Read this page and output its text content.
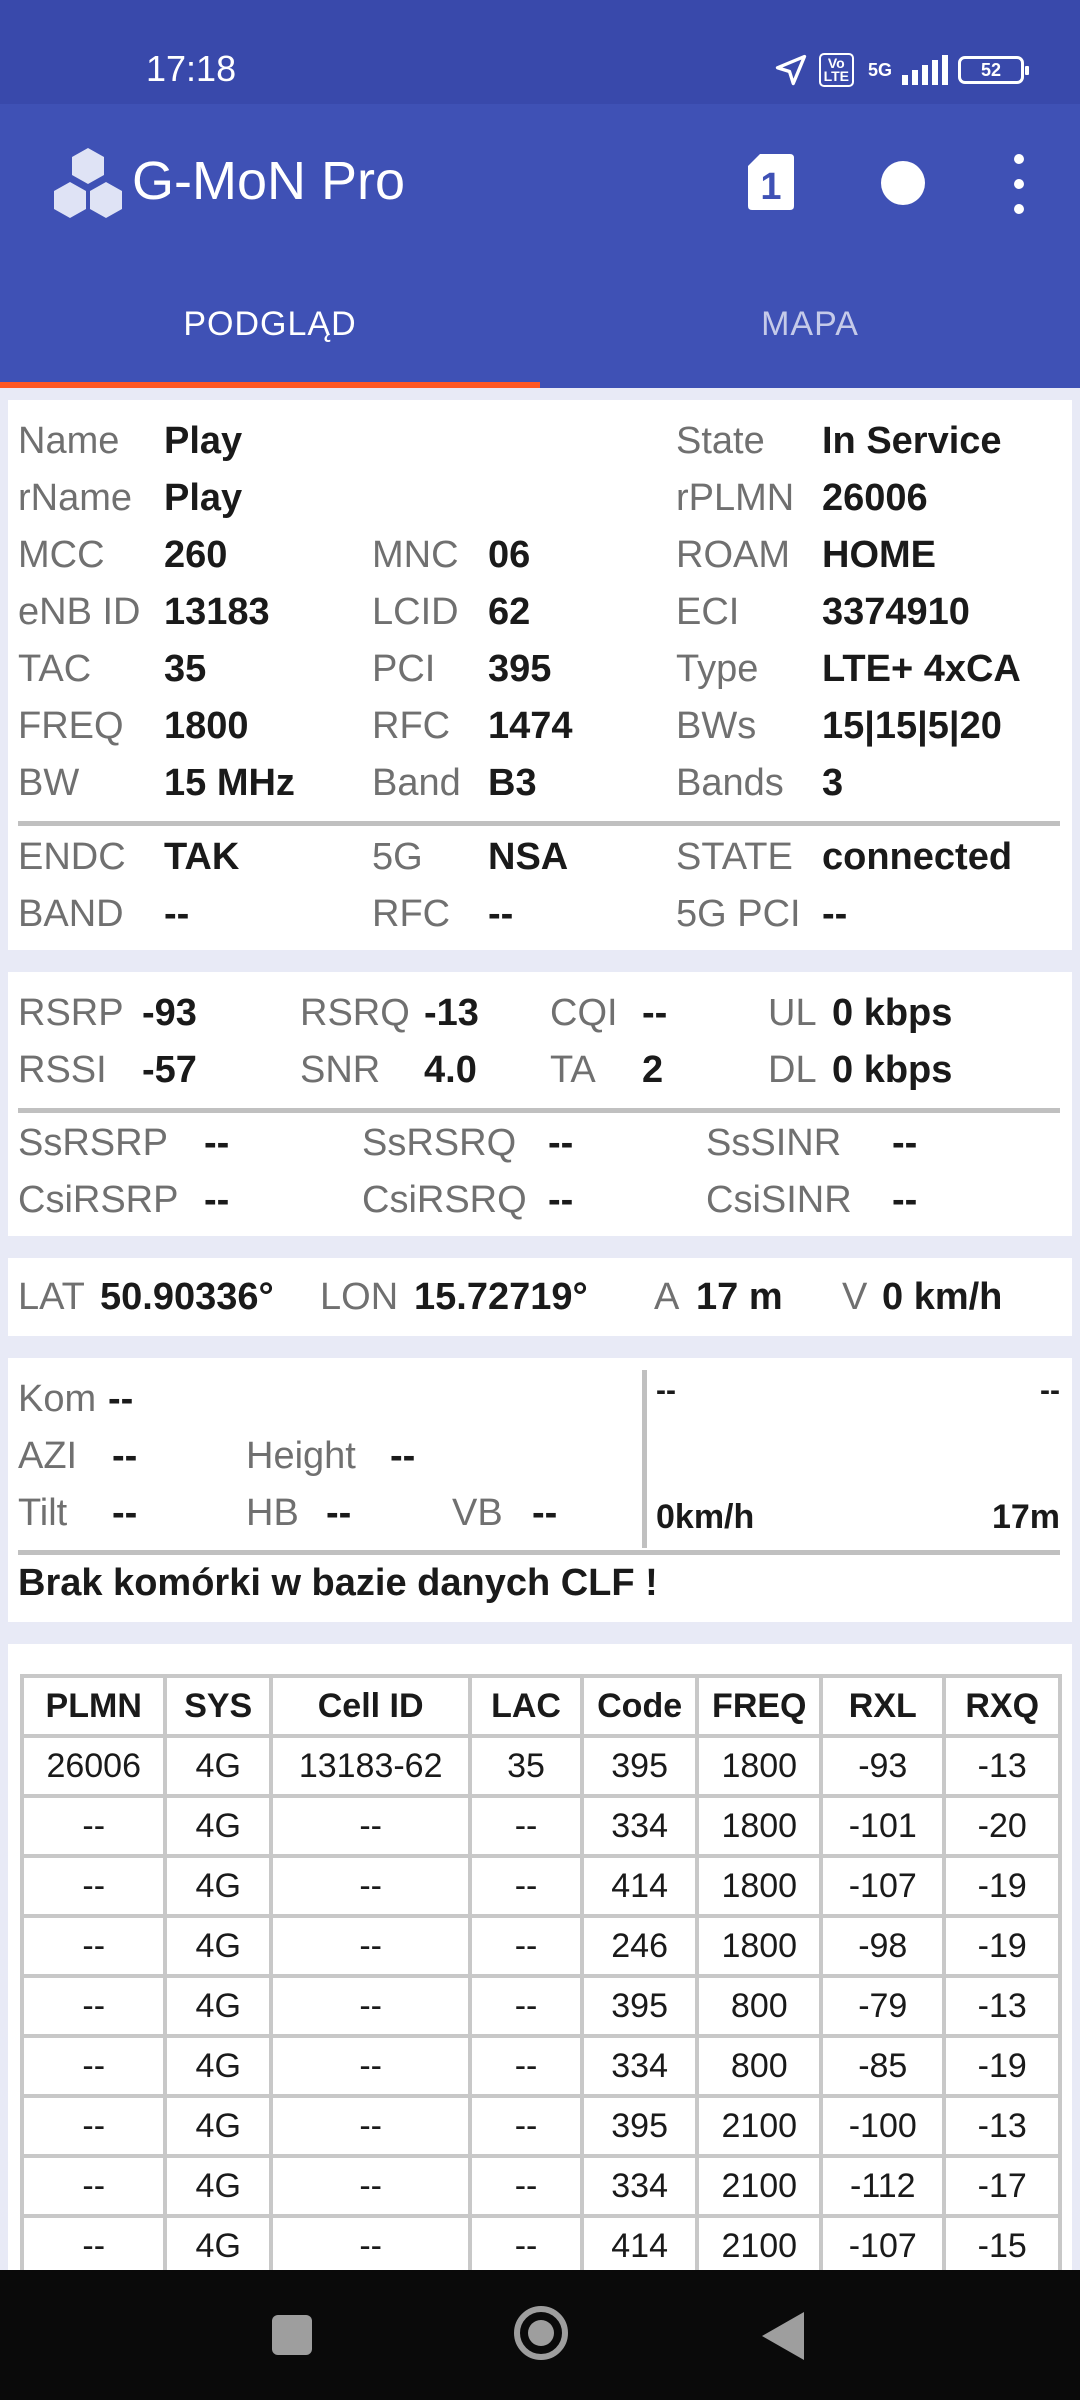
17:18	Vo
LTE 5G	52
G-MoN Pro	1
PODGLĄD	MAPA
Name Play	State In Service
rName Play	rPLMN 26006
MCC 260	MNC 06	ROAM HOME
eNB ID 13183	LCID 62	ECI 3374910
TAC 35	PCI 395	Type LTE+ 4xCA
FREQ 1800	RFC 1474	BWs 15|15|5|20
BW 15 MHz Band B3	Bands 3
ENDC TAK	5G NSA	STATE connected
BAND --	RFC --	5G PCI --
RSRP -93	RSRQ -13 CQI --	UL 0 kbps
RSSI -57	SNR 4.0 TA 2	DL 0 kbps
SsRSRP --	SsRSRQ --	SsSINR --
CsiRSRP --	CsiRSRQ --	CsiSINR --
LAT 50.90336° LON 15.72719° A 17 m V 0 km/h
Kom --
AZI --	Height --
Tilt --	HB --	VB --
--	--
0km/h	17m
Brak komórki w bazie danych CLF !
PLMN	SYS	Cell ID	LAC	Code	FREQ	RXL	RXQ
26006	4G	13183-62	35	395	1800	-93	-13
--	4G	--	--	334	1800	-101	-20
--	4G	--	--	414	1800	-107	-19
--	4G	--	--	246	1800	-98	-19
--	4G	--	--	395	800	-79	-13
--	4G	--	--	334	800	-85	-19
--	4G	--	--	395	2100	-100	-13
--	4G	--	--	334	2100	-112	-17
--	4G	--	--	414	2100	-107	-15
